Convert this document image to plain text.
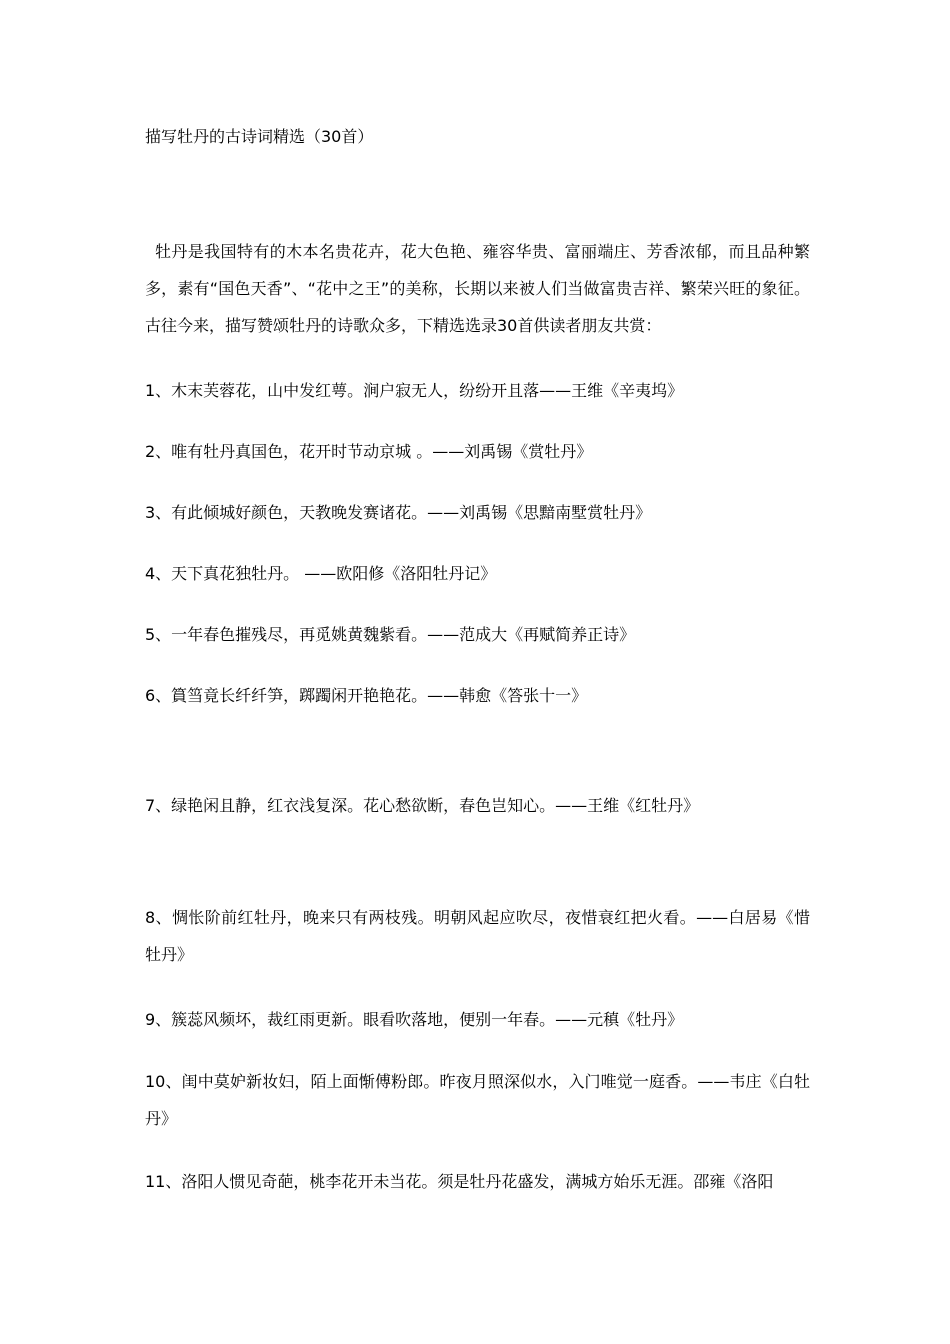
描写牡丹的古诗词精选（30首）
牡丹是我国特有的木本名贵花卉，花大色艳、雍容华贵、富丽端庄、芳香浓郁，而且品种繁多，素有“国色天香”、“花中之王”的美称，长期以来被人们当做富贵吉祥、繁荣兴旺的象征。古往今来，描写赞颂牡丹的诗歌众多，下精选选录30首供读者朋友共赏：
1、木末芙蓉花，山中发红萼。涧户寂无人，纷纷开且落——王维《辛夷坞》
2、唯有牡丹真国色，花开时节动京城 。——刘禹锡《赏牡丹》
3、有此倾城好颜色，天教晚发赛诸花。——刘禹锡《思黯南墅赏牡丹》
4、天下真花独牡丹。 ——欧阳修《洛阳牡丹记》
5、一年春色摧残尽，再觅姚黄魏紫看。——范成大《再赋简养正诗》
6、篔筜竟长纤纤笋，踯躅闲开艳艳花。——韩愈《答张十一》
7、绿艳闲且静，红衣浅复深。花心愁欲断，春色岂知心。——王维《红牡丹》
8、惆怅阶前红牡丹，晚来只有两枝残。明朝风起应吹尽，夜惜衰红把火看。——白居易《惜牡丹》
9、簇蕊风频坏，裁红雨更新。眼看吹落地，便别一年春。——元稹《牡丹》
10、闺中莫妒新妆妇，陌上面惭傅粉郎。昨夜月照深似水，入门唯觉一庭香。——韦庄《白牡丹》
11、洛阳人惯见奇葩，桃李花开未当花。须是牡丹花盛发，满城方始乐无涯。邵雍《洛阳
